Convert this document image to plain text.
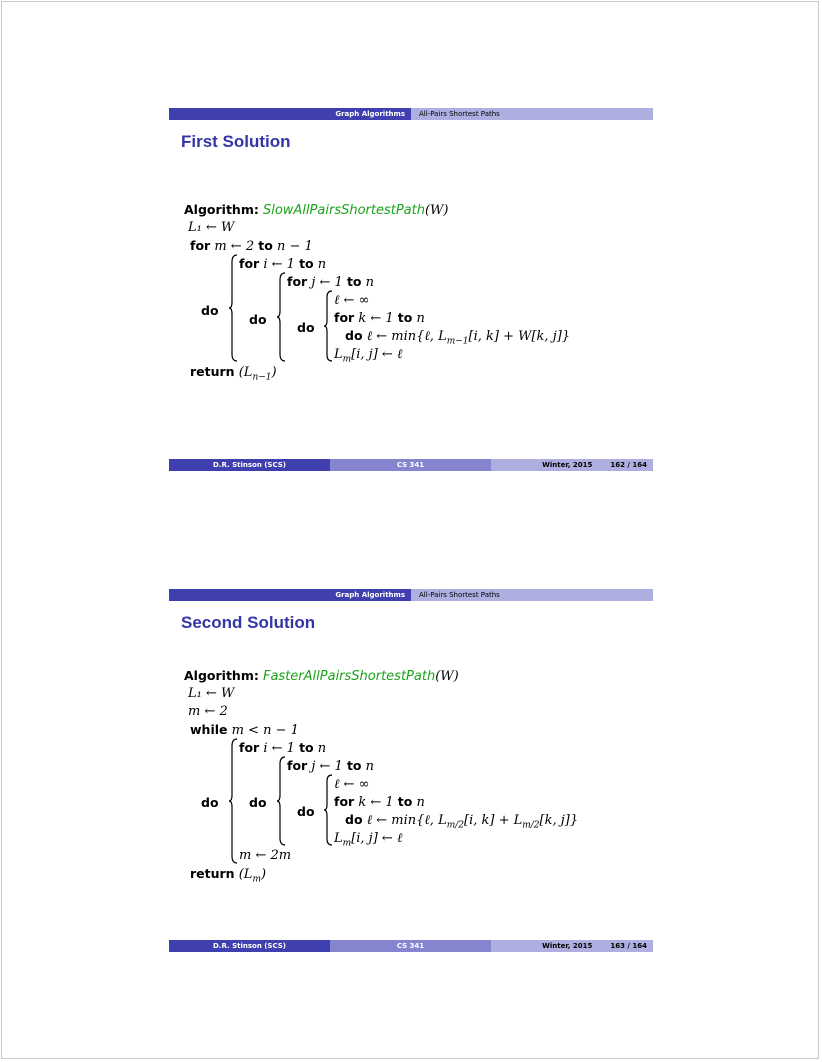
Graph Algorithms	All-Pairs Shortest Paths
First Solution
Algorithm: SlowAllPairsShortestPath(W)
L₁ ← W
for m ← 2 to n − 1
do
for i ← 1 to n
do
for j ← 1 to n
do
ℓ ← ∞
for k ← 1 to n
do ℓ ← min{ℓ, $L_{m-1}[i$, k] + W[k, j]}
$L_m[i$, j] ← ℓ
return $(L_{n-1})$
D.R. Stinson (SCS)	CS 341	Winter, 2015	162 / 164
Graph Algorithms	All-Pairs Shortest Paths
Second Solution
Algorithm: FasterAllPairsShortestPath(W)
L₁ ← W
m ← 2
while m < n − 1
do
for i ← 1 to n
do
for j ← 1 to n
do
ℓ ← ∞
for k ← 1 to n
do ℓ ← min{ℓ, $L_{m/2}[i$, $k] + L_{m/2}[k$, j]}
$L_m[i$, j] ← ℓ
m ← 2m
return $(L_m)$
D.R. Stinson (SCS)	CS 341	Winter, 2015	163 / 164
